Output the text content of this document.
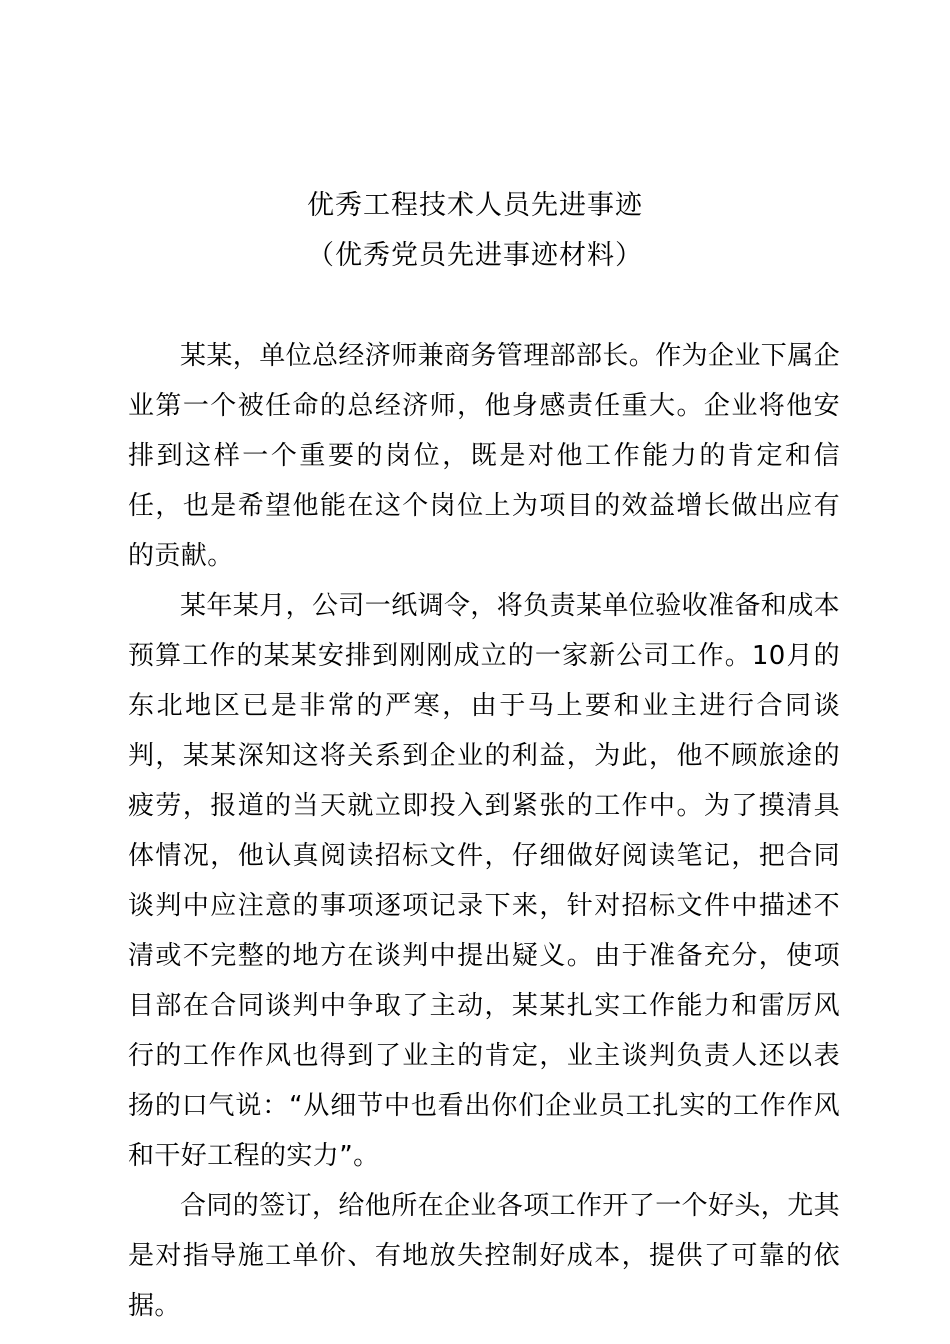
优秀工程技术人员先进事迹
（优秀党员先进事迹材料）

某某，单位总经济师兼商务管理部部长。作为企业下属企业第一个被任命的总经济师，他身感责任重大。企业将他安排到这样一个重要的岗位，既是对他工作能力的肯定和信任，也是希望他能在这个岗位上为项目的效益增长做出应有的贡献。

某年某月，公司一纸调令，将负责某单位验收准备和成本预算工作的某某安排到刚刚成立的一家新公司工作。10月的东北地区已是非常的严寒，由于马上要和业主进行合同谈判，某某深知这将关系到企业的利益，为此，他不顾旅途的疲劳，报道的当天就立即投入到紧张的工作中。为了摸清具体情况，他认真阅读招标文件，仔细做好阅读笔记，把合同谈判中应注意的事项逐项记录下来，针对招标文件中描述不清或不完整的地方在谈判中提出疑义。由于准备充分，使项目部在合同谈判中争取了主动，某某扎实工作能力和雷厉风行的工作作风也得到了业主的肯定，业主谈判负责人还以表扬的口气说：“从细节中也看出你们企业员工扎实的工作作风和干好工程的实力”。

合同的签订，给他所在企业各项工作开了一个好头，尤其是对指导施工单价、有地放失控制好成本，提供了可靠的依据。
